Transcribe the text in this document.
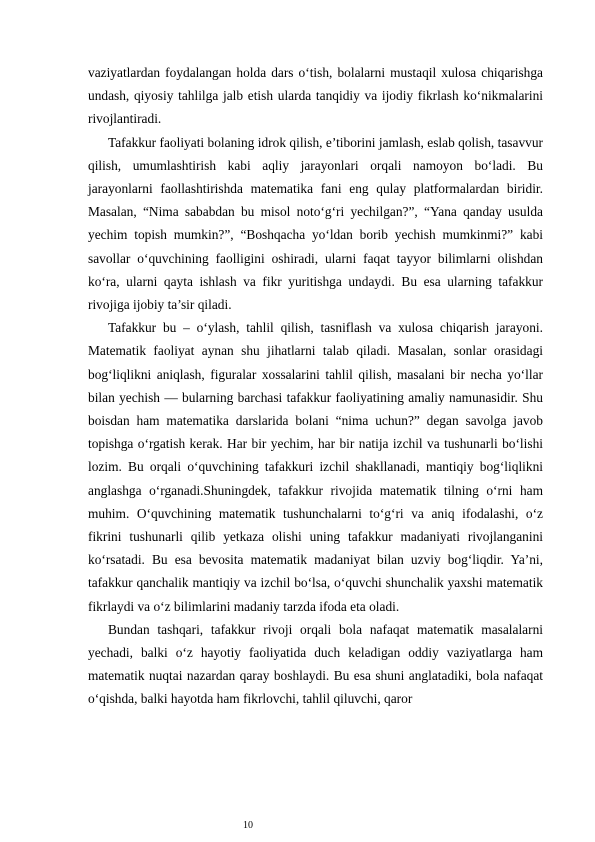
vaziyatlardan foydalangan holda dars o‘tish, bolalarni mustaqil xulosa chiqarishga undash, qiyosiy tahlilga jalb etish ularda tanqidiy va ijodiy fikrlash ko‘nikmalarini rivojlantiradi.

Tafakkur faoliyati bolaning idrok qilish, e’tiborini jamlash, eslab qolish, tasavvur qilish, umumlashtirish kabi aqliy jarayonlari orqali namoyon bo‘ladi. Bu jarayonlarni faollashtirishda matematika fani eng qulay platformalardan biridir. Masalan, “Nima sababdan bu misol noto‘g‘ri yechilgan?”, “Yana qanday usulda yechim topish mumkin?”, “Boshqacha yo‘ldan borib yechish mumkinmi?” kabi savollar o‘quvchining faolligini oshiradi, ularni faqat tayyor bilimlarni olishdan ko‘ra, ularni qayta ishlash va fikr yuritishga undaydi. Bu esa ularning tafakkur rivojiga ijobiy ta’sir qiladi.

Tafakkur bu – o‘ylash, tahlil qilish, tasniflash va xulosa chiqarish jarayoni. Matematik faoliyat aynan shu jihatlarni talab qiladi. Masalan, sonlar orasidagi bog‘liqlikni aniqlash, figuralar xossalarini tahlil qilish, masalani bir necha yo‘llar bilan yechish — bularning barchasi tafakkur faoliyatining amaliy namunasidir. Shu boisdan ham matematika darslarida bolani “nima uchun?” degan savolga javob topishga o‘rgatish kerak. Har bir yechim, har bir natija izchil va tushunarli bo‘lishi lozim. Bu orqali o‘quvchining tafakkuri izchil shakllanadi, mantiqiy bog‘liqlikni anglashga o‘rganadi.Shuningdek, tafakkur rivojida matematik tilning o‘rni ham muhim. O‘quvchining matematik tushunchalarni to‘g‘ri va aniq ifodalashi, o‘z fikrini tushunarli qilib yetkaza olishi uning tafakkur madaniyati rivojlanganini ko‘rsatadi. Bu esa bevosita matematik madaniyat bilan uzviy bog‘liqdir. Ya’ni, tafakkur qanchalik mantiqiy va izchil bo‘lsa, o‘quvchi shunchalik yaxshi matematik fikrlaydi va o‘z bilimlarini madaniy tarzda ifoda eta oladi.

Bundan tashqari, tafakkur rivoji orqali bola nafaqat matematik masalalarni yechadi, balki o‘z hayotiy faoliyatida duch keladigan oddiy vaziyatlarga ham matematik nuqtai nazardan qaray boshlaydi. Bu esa shuni anglatadiki, bola nafaqat o‘qishda, balki hayotda ham fikrlovchi, tahlil qiluvchi, qaror

10
